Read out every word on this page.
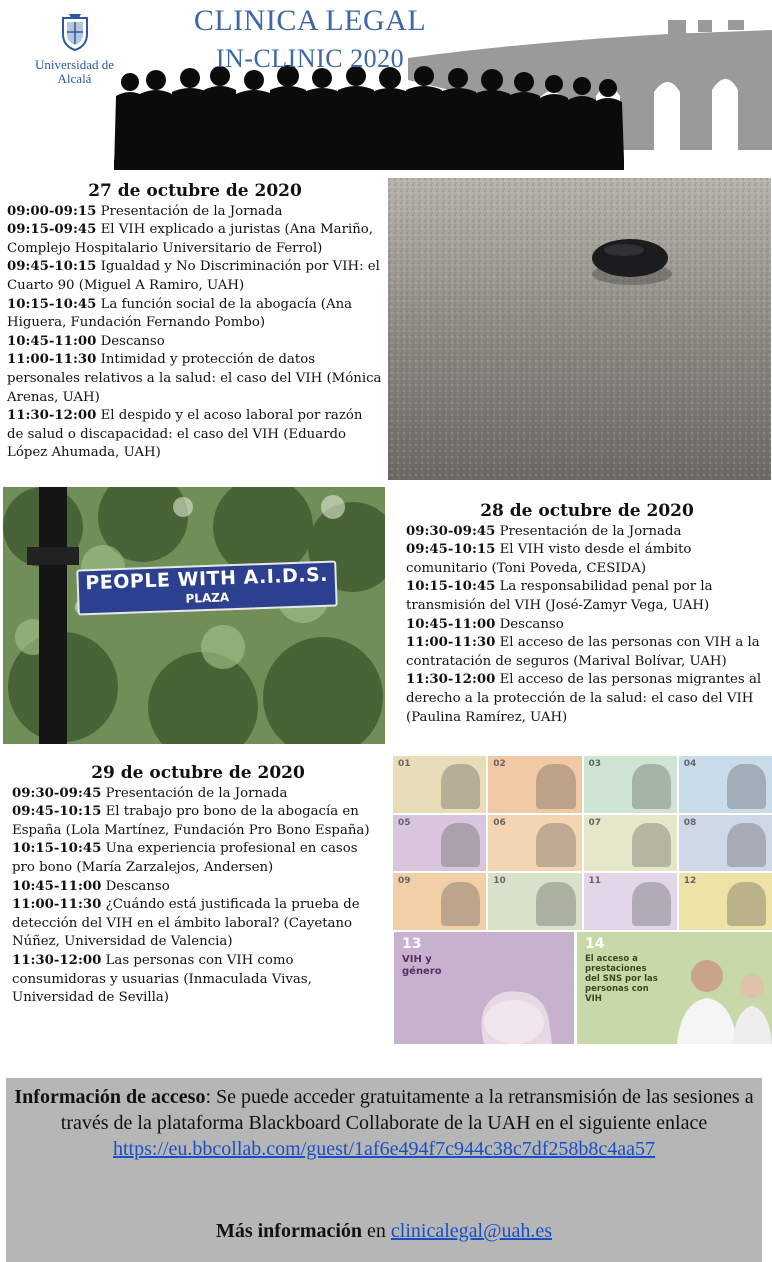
Universidad de Alcalá
CLINICA LEGAL
IN-CLINIC 2020
27 de octubre de 2020
09:00-09:15 Presentación de la Jornada
09:15-09:45 El VIH explicado a juristas (Ana Mariño, Complejo Hospitalario Universitario de Ferrol)
09:45-10:15 Igualdad y No Discriminación por VIH: el Cuarto 90 (Miguel A Ramiro, UAH)
10:15-10:45 La función social de la abogacía (Ana Higuera, Fundación Fernando Pombo)
10:45-11:00 Descanso
11:00-11:30 Intimidad y protección de datos personales relativos a la salud: el caso del VIH (Mónica Arenas, UAH)
11:30-12:00 El despido y el acoso laboral por razón de salud o discapacidad: el caso del VIH (Eduardo López Ahumada, UAH)
PEOPLE WITH A.I.D.S.
PLAZA
28 de octubre de 2020
09:30-09:45 Presentación de la Jornada
09:45-10:15 El VIH visto desde el ámbito comunitario (Toni Poveda, CESIDA)
10:15-10:45 La responsabilidad penal por la transmisión del VIH (José-Zamyr Vega, UAH)
10:45-11:00 Descanso
11:00-11:30 El acceso de las personas con VIH a la contratación de seguros (Marival Bolívar, UAH)
11:30-12:00 El acceso de las personas migrantes al derecho a la protección de la salud: el caso del VIH (Paulina Ramírez, UAH)
29 de octubre de 2020
09:30-09:45 Presentación de la Jornada
09:45-10:15 El trabajo pro bono de la abogacía en España (Lola Martínez, Fundación Pro Bono España)
10:15-10:45 Una experiencia profesional en casos pro bono (María Zarzalejos, Andersen)
10:45-11:00 Descanso
11:00-11:30 ¿Cuándo está justificada la prueba de detección del VIH en el ámbito laboral? (Cayetano Núñez, Universidad de Valencia)
11:30-12:00 Las personas con VIH como consumidoras y usuarias (Inmaculada Vivas, Universidad de Sevilla)
01	02	03	04
05	06	07	08
09	10	11	12
13
VIH y género
14
El acceso a prestaciones del SNS por las personas con VIH
Información de acceso: Se puede acceder gratuitamente a la retransmisión de las sesiones a través de la plataforma Blackboard Collaborate de la UAH en el siguiente enlace
https://eu.bbcollab.com/guest/1af6e494f7c944c38c7df258b8c4aa57
Más información en clinicalegal@uah.es
